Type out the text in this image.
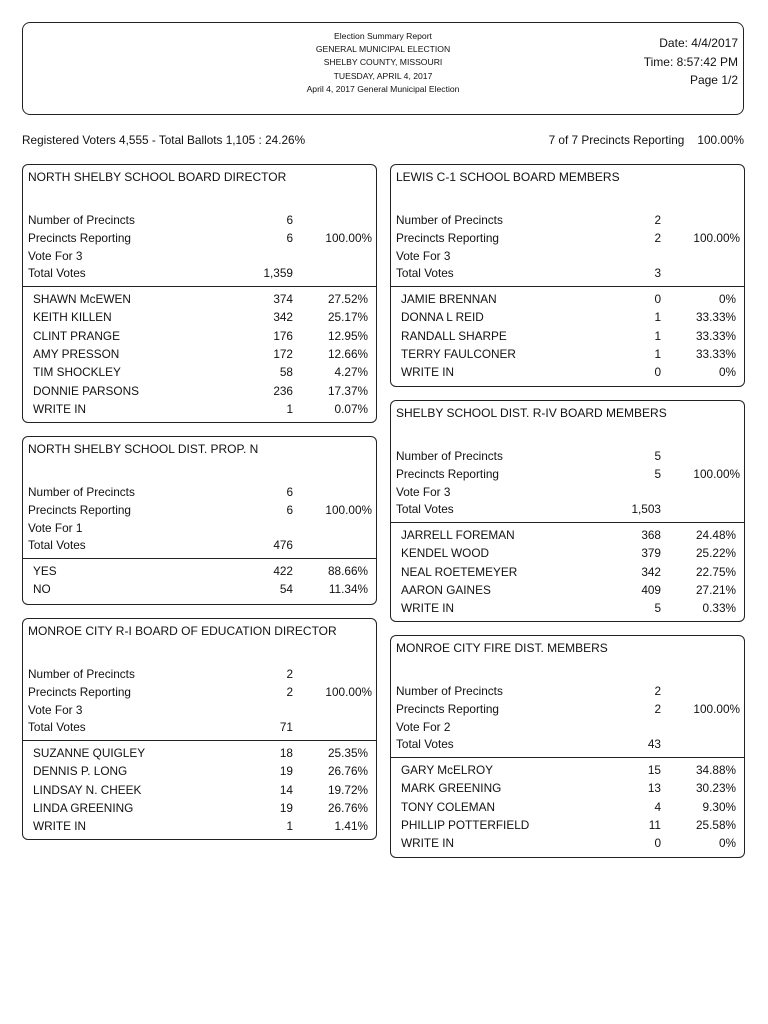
Election Summary Report
GENERAL MUNICIPAL ELECTION
SHELBY COUNTY, MISSOURI
TUESDAY, APRIL 4, 2017
April 4, 2017 General Municipal Election
Date: 4/4/2017
Time: 8:57:42 PM
Page 1/2
Registered Voters 4,555 - Total Ballots 1,105 : 24.26%	7 of 7 Precincts Reporting    100.00%
NORTH SHELBY SCHOOL BOARD DIRECTOR
Number of Precincts	6
Precincts Reporting	6	100.00%
Vote For 3
Total Votes	1,359
SHAWN McEWEN	374	27.52%
KEITH KILLEN	342	25.17%
CLINT PRANGE	176	12.95%
AMY PRESSON	172	12.66%
TIM SHOCKLEY	58	4.27%
DONNIE PARSONS	236	17.37%
WRITE IN	1	0.07%
NORTH SHELBY SCHOOL DIST. PROP. N
Number of Precincts	6
Precincts Reporting	6	100.00%
Vote For 1
Total Votes	476
YES	422	88.66%
NO	54	11.34%
MONROE CITY R-I BOARD OF EDUCATION DIRECTOR
Number of Precincts	2
Precincts Reporting	2	100.00%
Vote For 3
Total Votes	71
SUZANNE QUIGLEY	18	25.35%
DENNIS P. LONG	19	26.76%
LINDSAY N. CHEEK	14	19.72%
LINDA GREENING	19	26.76%
WRITE IN	1	1.41%
LEWIS C-1 SCHOOL BOARD MEMBERS
Number of Precincts	2
Precincts Reporting	2	100.00%
Vote For 3
Total Votes	3
JAMIE BRENNAN	0	0%
DONNA L REID	1	33.33%
RANDALL SHARPE	1	33.33%
TERRY FAULCONER	1	33.33%
WRITE IN	0	0%
SHELBY SCHOOL DIST. R-IV BOARD MEMBERS
Number of Precincts	5
Precincts Reporting	5	100.00%
Vote For 3
Total Votes	1,503
JARRELL FOREMAN	368	24.48%
KENDEL WOOD	379	25.22%
NEAL ROETEMEYER	342	22.75%
AARON GAINES	409	27.21%
WRITE IN	5	0.33%
MONROE CITY FIRE DIST. MEMBERS
Number of Precincts	2
Precincts Reporting	2	100.00%
Vote For 2
Total Votes	43
GARY McELROY	15	34.88%
MARK GREENING	13	30.23%
TONY COLEMAN	4	9.30%
PHILLIP POTTERFIELD	11	25.58%
WRITE IN	0	0%
